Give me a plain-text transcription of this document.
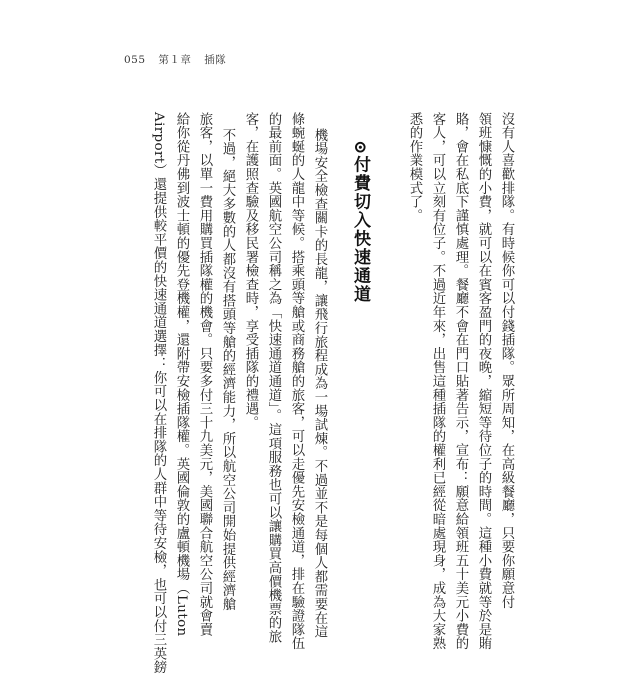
055 第１章 插隊
沒有人喜歡排隊。有時候你可以付錢插隊。眾所周知，在高級餐廳，只要你願意付
領班慷慨的小費，就可以在賓客盈門的夜晚，縮短等待位子的時間。這種小費就等於是賄
賂，會在私底下謹慎處理。餐廳不會在門口貼著告示，宣布：願意給領班五十美元小費的
客人，可以立刻有位子。不過近年來，出售這種插隊的權利已經從暗處現身，成為大家熟
悉的作業模式了。
⊙付費切入快速通道
機場安全檢查關卡的長龍，讓飛行旅程成為一場試煉。不過並不是每個人都需要在這
條蜿蜒的人龍中等候。搭乘頭等艙或商務艙的旅客，可以走優先安檢通道，排在驗證隊伍
的最前面。英國航空公司稱之為「快速通道通道」。這項服務也可以讓購買高價機票的旅
客，在護照查驗及移民署檢查時，享受插隊的禮遇。
不過，絕大多數的人都沒有搭頭等艙的經濟能力，所以航空公司開始提供經濟艙
旅客，以單一費用購買插隊權的機會。只要多付三十九美元，美國聯合航空公司就會賣
給你從丹佛到波士頓的優先登機權，還附帶安檢插隊權。英國倫敦的盧頓機場（Luton
Airport）還提供較平價的快速通道選擇：你可以在排隊的人群中等待安檢，也可以付三英鎊
